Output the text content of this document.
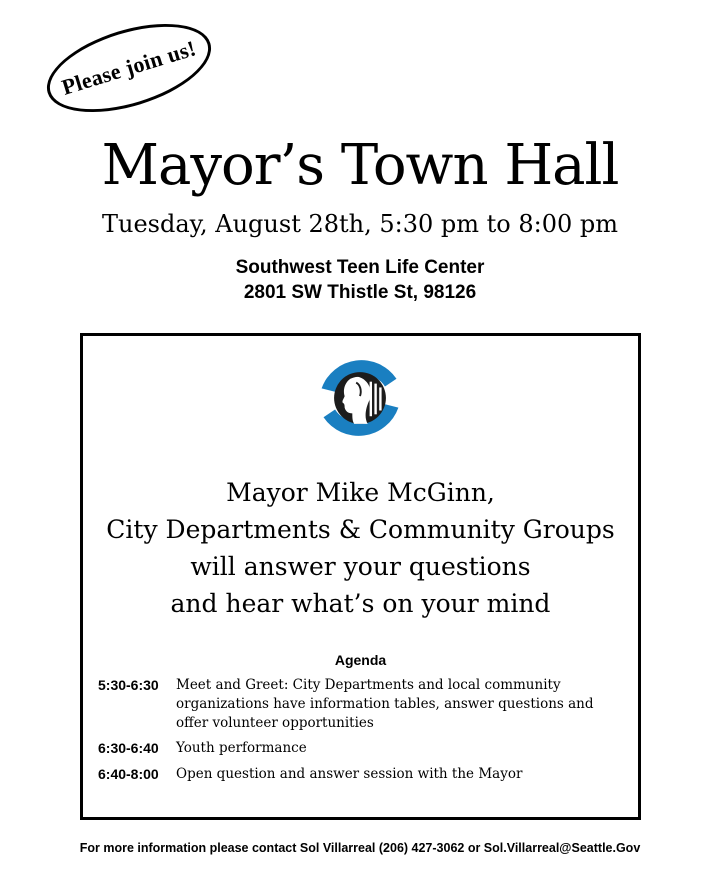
Please join us!
Mayor’s Town Hall
Tuesday, August 28th, 5:30 pm to 8:00 pm
Southwest Teen Life Center
2801 SW Thistle St, 98126
Mayor Mike McGinn,
City Departments & Community Groups
will answer your questions
and hear what’s on your mind
Agenda
5:30-6:30 Meet and Greet: City Departments and local community
organizations have information tables, answer questions and
offer volunteer opportunities
6:30-6:40 Youth performance
6:40-8:00 Open question and answer session with the Mayor
For more information please contact Sol Villarreal (206) 427-3062 or Sol.Villarreal@Seattle.Gov
